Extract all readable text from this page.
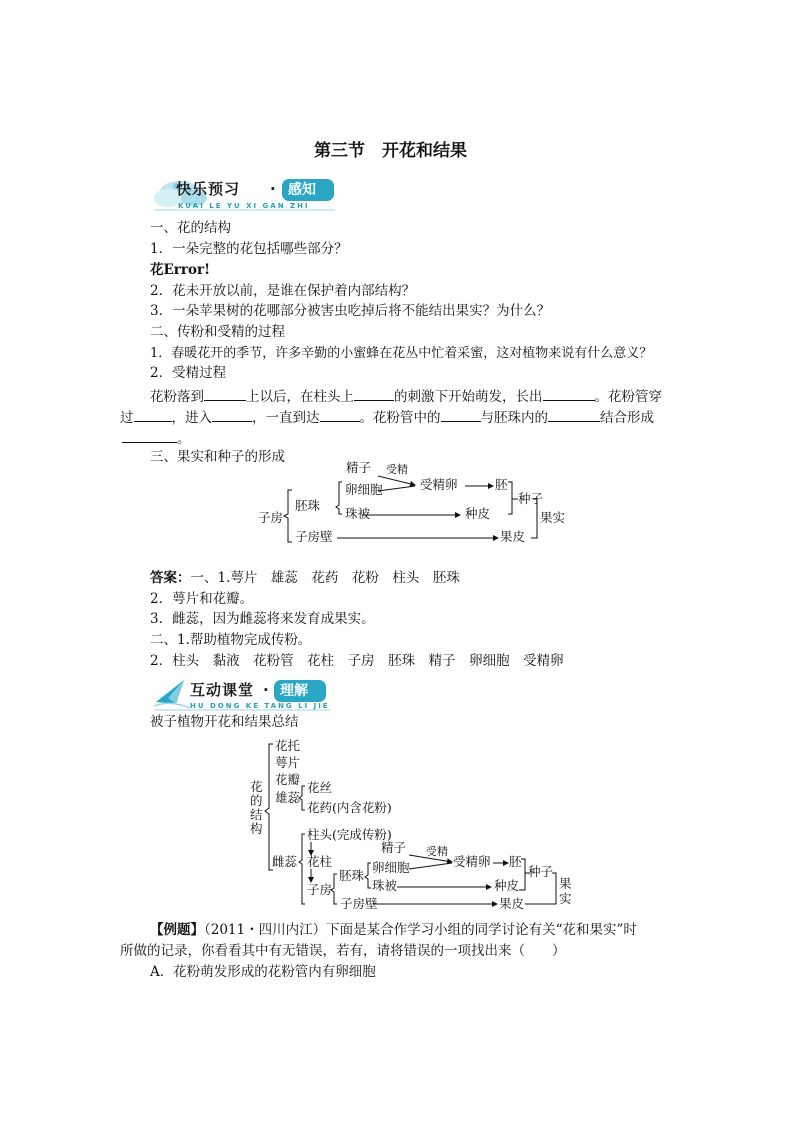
第三节　开花和结果
快乐预习 · 感知
KUAI LE YU XI GAN ZHI
一、花的结构
1．一朵完整的花包括哪些部分？
花Error!
2．花未开放以前，是谁在保护着内部结构？
3．一朵苹果树的花哪部分被害虫吃掉后将不能结出果实？为什么？
二、传粉和受精的过程
1．春暖花开的季节，许多辛勤的小蜜蜂在花丛中忙着采蜜，这对植物来说有什么意义？
2．受精过程
花粉落到	上以后，在柱头上	的刺激下开始萌发，长出	。花粉管穿
过	，进入	，一直到达	。花粉管中的	与胚珠内的	结合形成
。
三、果实和种子的形成
子房
胚珠
精子 受精
卵细胞	受精卵	胚
珠被	种皮
种子
子房壁	果皮
果实
答案：一、1.萼片　雄蕊　花药　花粉　柱头　胚珠
2．萼片和花瓣。
3．雌蕊，因为雌蕊将来发育成果实。
二、1.帮助植物完成传粉。
2．柱头　黏液　花粉管　花柱　子房　胚珠　精子　卵细胞　受精卵
互动课堂 · 理解
HU DONG KE TANG LI JIE
被子植物开花和结果总结
花
的
结
构
花托
萼片
花瓣
雄蕊
花丝
花药(内含花粉)
雌蕊
柱头(完成传粉)
花柱
子房
胚珠
精子 受精
卵细胞	受精卵 胚
珠被	种皮
种子
子房壁	果皮
果
实
【例题】（2011・四川内江）下面是某合作学习小组的同学讨论有关“花和果实”时
所做的记录，你看看其中有无错误，若有，请将错误的一项找出来（　　）
A．花粉萌发形成的花粉管内有卵细胞
